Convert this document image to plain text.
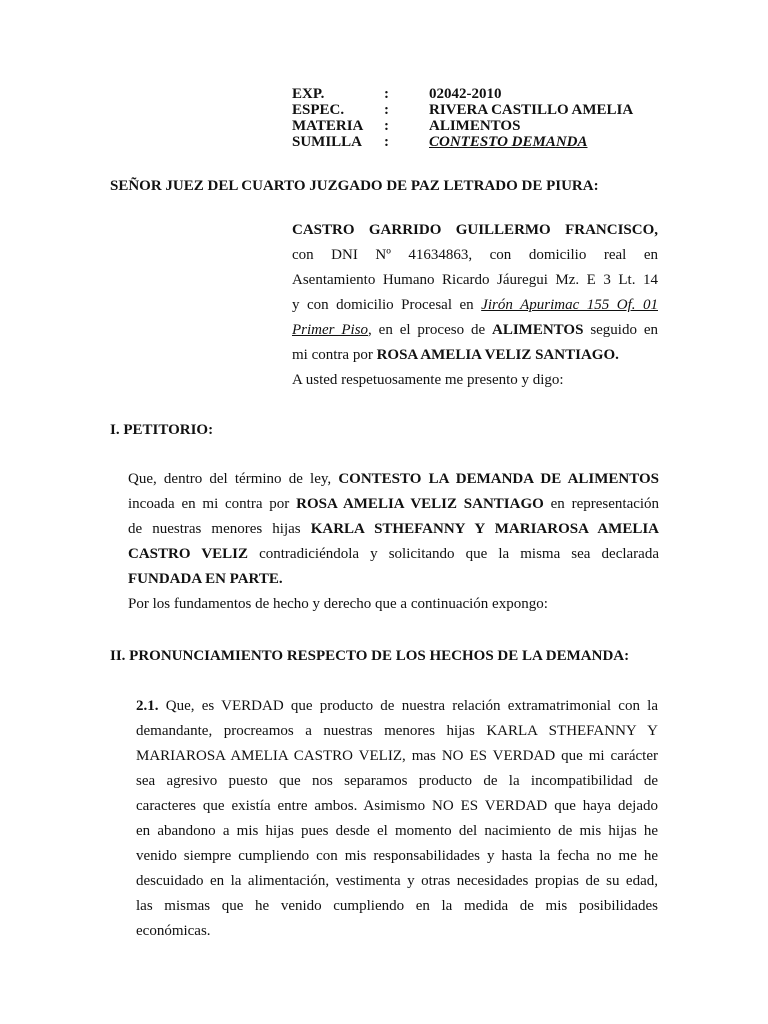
EXP.	:	02042-2010
ESPEC.	:	RIVERA CASTILLO AMELIA
MATERIA	:	ALIMENTOS
SUMILLA	:	CONTESTO DEMANDA
SEÑOR JUEZ DEL CUARTO JUZGADO DE PAZ LETRADO DE PIURA:
CASTRO GARRIDO GUILLERMO FRANCISCO,
con DNI Nº 41634863, con domicilio real en
Asentamiento Humano Ricardo Jáuregui Mz. E 3 Lt. 14
y con domicilio Procesal en Jirón Apurimac 155 Of. 01
Primer Piso, en el proceso de ALIMENTOS seguido en
mi contra por ROSA AMELIA VELIZ SANTIAGO.
A usted respetuosamente me presento y digo:
I. PETITORIO:
Que, dentro del término de ley, CONTESTO LA DEMANDA DE ALIMENTOS
incoada en mi contra por ROSA AMELIA VELIZ SANTIAGO en representación
de nuestras menores hijas KARLA STHEFANNY Y MARIAROSA AMELIA
CASTRO VELIZ contradiciéndola y solicitando que la misma sea declarada
FUNDADA EN PARTE.
Por los fundamentos de hecho y derecho que a continuación expongo:
II. PRONUNCIAMIENTO RESPECTO DE LOS HECHOS DE LA DEMANDA:
2.1. Que, es VERDAD que producto de nuestra relación extramatrimonial con la
demandante, procreamos a nuestras menores hijas KARLA STHEFANNY Y
MARIAROSA AMELIA CASTRO VELIZ, mas NO ES VERDAD que mi carácter
sea agresivo puesto que nos separamos producto de la incompatibilidad de
caracteres que existía entre ambos. Asimismo NO ES VERDAD que haya dejado
en abandono a mis hijas pues desde el momento del nacimiento de mis hijas he
venido siempre cumpliendo con mis responsabilidades y hasta la fecha no me he
descuidado en la alimentación, vestimenta y otras necesidades propias de su edad,
las mismas que he venido cumpliendo en la medida de mis posibilidades
económicas.
